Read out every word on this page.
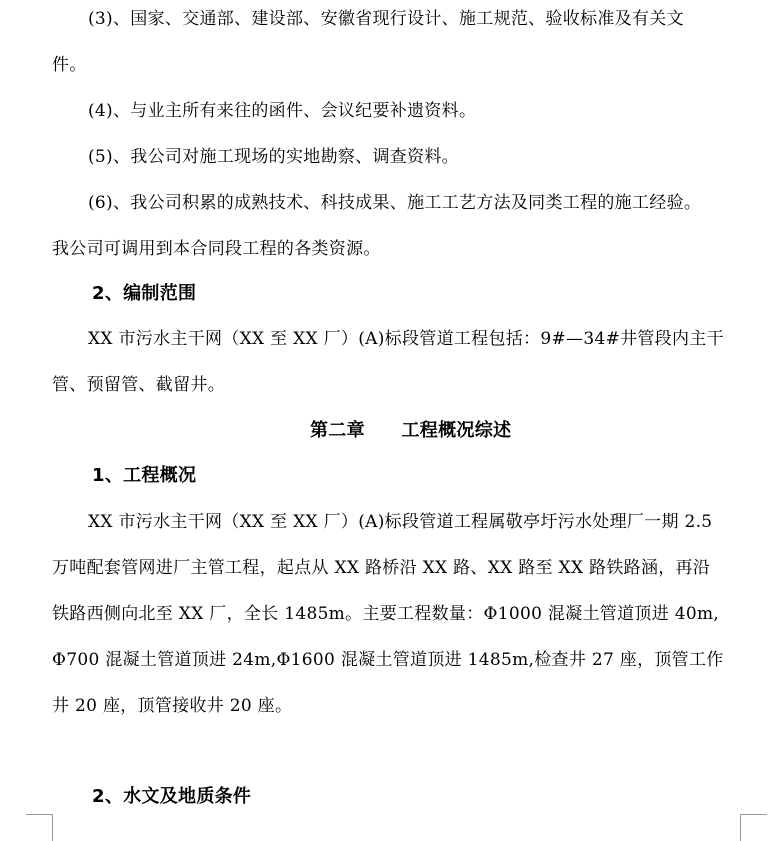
(3)、国家、交通部、建设部、安徽省现行设计、施工规范、验收标准及有关文
件。
(4)、与业主所有来往的函件、会议纪要补遗资料。
(5)、我公司对施工现场的实地勘察、调查资料。
(6)、我公司积累的成熟技术、科技成果、施工工艺方法及同类工程的施工经验。
我公司可调用到本合同段工程的各类资源。
2、编制范围
XX 市污水主干网（XX 至 XX 厂）(A)标段管道工程包括：9#—34#井管段内主干
管、预留管、截留井。
第二章　　工程概况综述
1、工程概况
XX 市污水主干网（XX 至 XX 厂）(A)标段管道工程属敬亭圩污水处理厂一期 2.5
万吨配套管网进厂主管工程，起点从 XX 路桥沿 XX 路、XX 路至 XX 路铁路涵，再沿
铁路西侧向北至 XX 厂，全长 1485m。主要工程数量：Φ1000 混凝土管道顶进 40m,
Φ700 混凝土管道顶进 24m,Φ1600 混凝土管道顶进 1485m,检查井 27 座，顶管工作
井 20 座，顶管接收井 20 座。
2、水文及地质条件
